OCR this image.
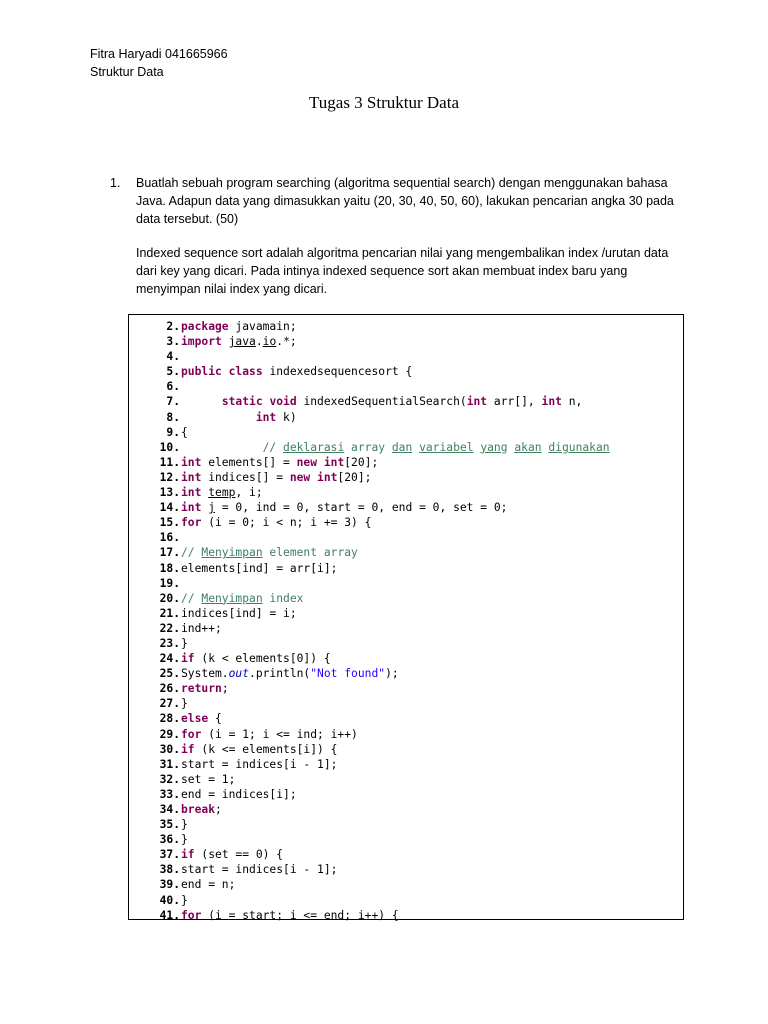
Fitra Haryadi 041665966
Struktur Data
Tugas 3 Struktur Data
1. Buatlah sebuah program searching (algoritma sequential search) dengan menggunakan bahasa Java. Adapun data yang dimasukkan yaitu (20, 30, 40, 50, 60), lakukan pencarian angka 30 pada data tersebut. (50)
Indexed sequence sort adalah algoritma pencarian nilai yang mengembalikan index /urutan data dari key yang dicari. Pada intinya indexed sequence sort akan membuat index baru yang menyimpan nilai index yang dicari.
2. package javamain;
3. import java.io.*;
4.
5. public class indexedsequencesort {
6.
7.	static void indexedSequentialSearch(int arr[], int n,
8.	int k)
9. {
10.	// deklarasi array dan variabel yang akan digunakan
11. int elements[] = new int[20];
12. int indices[] = new int[20];
13. int temp, i;
14. int j = 0, ind = 0, start = 0, end = 0, set = 0;
15. for (i = 0; i < n; i += 3) {
16.
17. // Menyimpan element array
18. elements[ind] = arr[i];
19.
20. // Menyimpan index
21. indices[ind] = i;
22. ind++;
23. }
24. if (k < elements[0]) {
25. System.out.println("Not found");
26. return;
27. }
28. else {
29. for (i = 1; i <= ind; i++)
30. if (k <= elements[i]) {
31. start = indices[i - 1];
32. set = 1;
33. end = indices[i];
34. break;
35. }
36. }
37. if (set == 0) {
38. start = indices[i - 1];
39. end = n;
40. }
41. for (i = start; i <= end; i++) {
